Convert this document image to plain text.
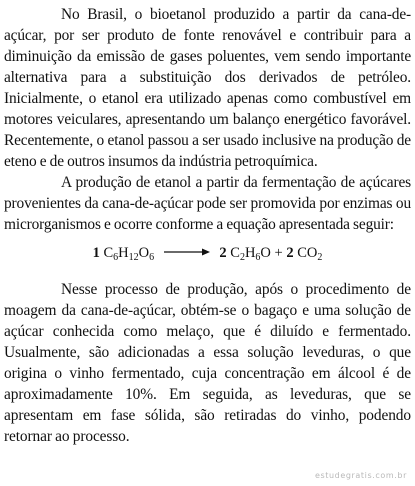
No Brasil, o bioetanol produzido a partir da cana-de-açúcar, por ser produto de fonte renovável e contribuir para a diminuição da emissão de gases poluentes, vem sendo importante alternativa para a substituição dos derivados de petróleo. Inicialmente, o etanol era utilizado apenas como combustível em motores veiculares, apresentando um balanço energético favorável. Recentemente, o etanol passou a ser usado inclusive na produção de eteno e de outros insumos da indústria petroquímica.

A produção de etanol a partir da fermentação de açúcares provenientes da cana-de-açúcar pode ser promovida por enzimas ou microrganismos e ocorre conforme a equação apresentada seguir:

1 $C_6H_{12}O_6 \to 2$ $C_2H_6O + 2$ $CO_2$

Nesse processo de produção, após o procedimento de moagem da cana-de-açúcar, obtém-se o bagaço e uma solução de açúcar conhecida como melaço, que é diluído e fermentado. Usualmente, são adicionadas a essa solução leveduras, o que origina o vinho fermentado, cuja concentração em álcool é de aproximadamente 10%. Em seguida, as leveduras, que se apresentam em fase sólida, são retiradas do vinho, podendo retornar ao processo.

estudegratis.com.br
